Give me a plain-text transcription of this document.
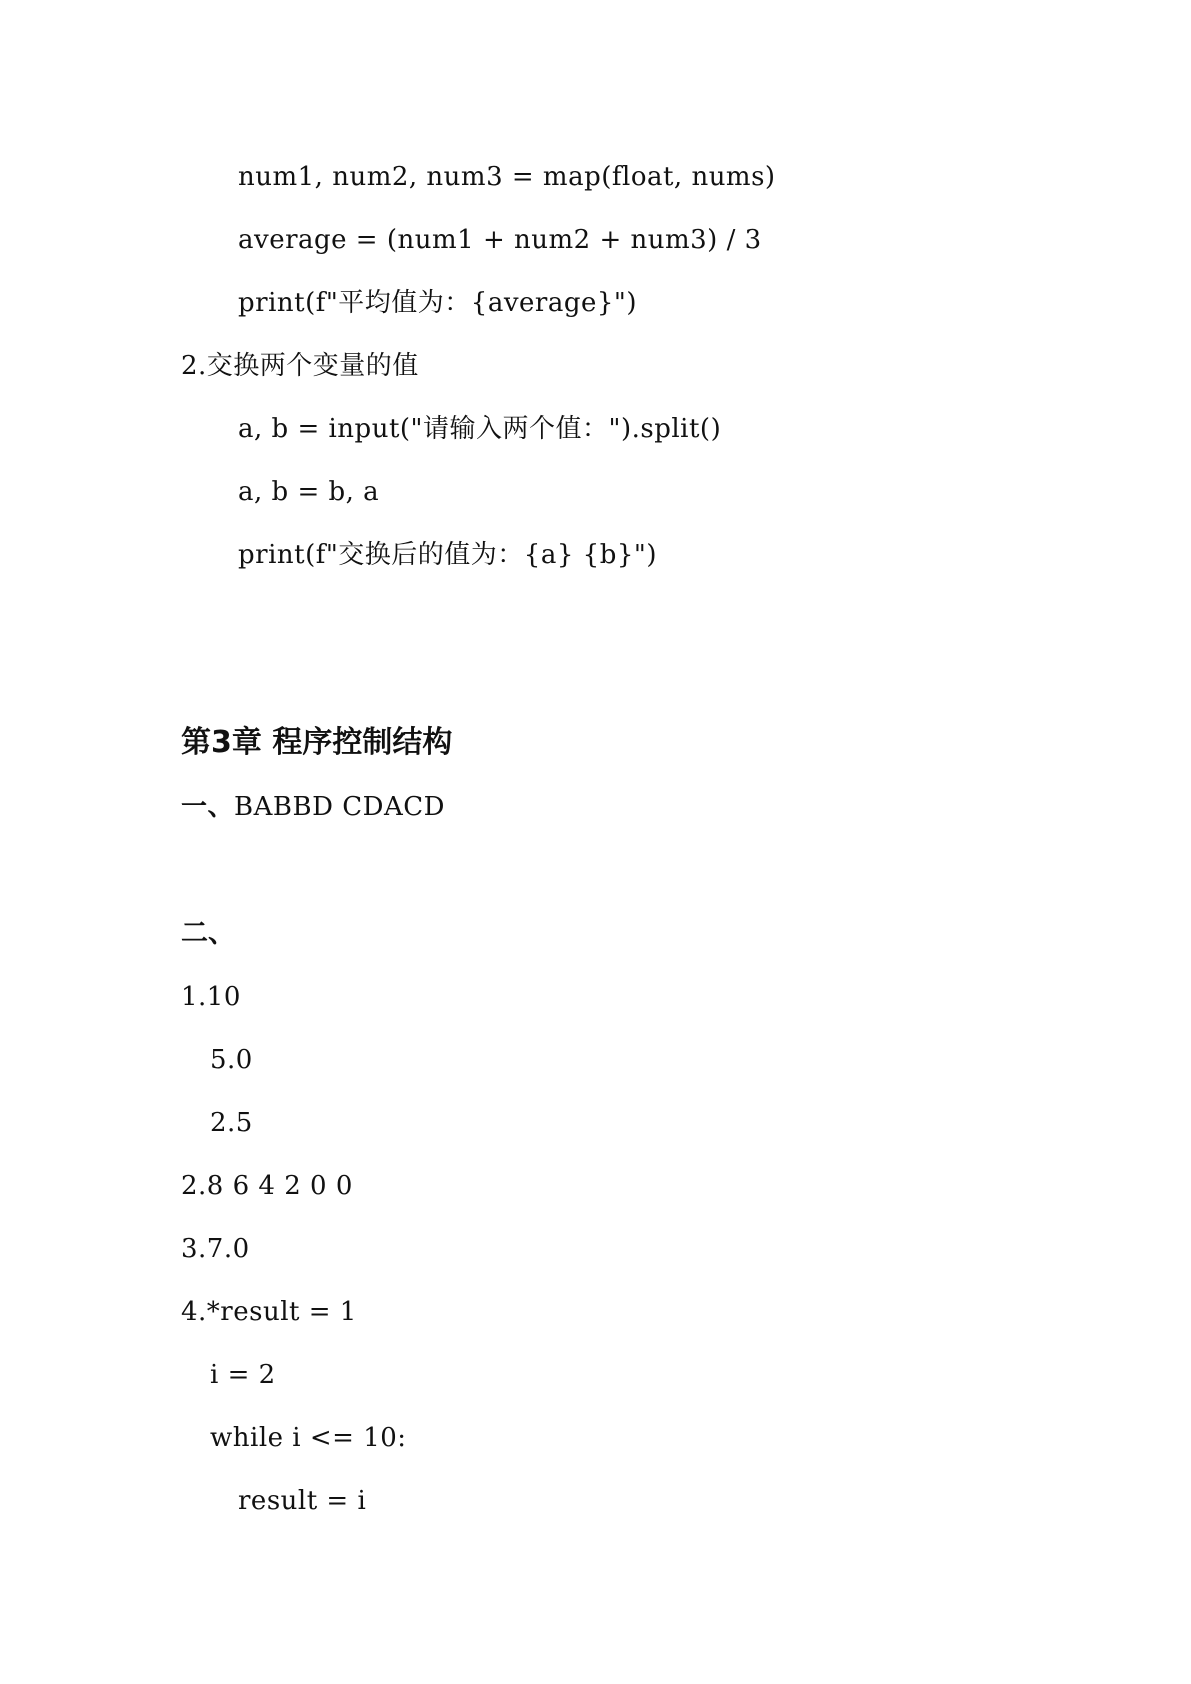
num1, num2, num3 = map(float, nums)
average = (num1 + num2 + num3) / 3
print(f"平均值为：{average}")
2.交换两个变量的值
a, b = input("请输入两个值：").split()
a, b = b, a
print(f"交换后的值为：{a} {b}")
第3章 程序控制结构
一、BABBD CDACD
二、
1.10
5.0
2.5
2.8 6 4 2 0 0
3.7.0
4.*result = 1
i = 2
while i <= 10:
result = i
